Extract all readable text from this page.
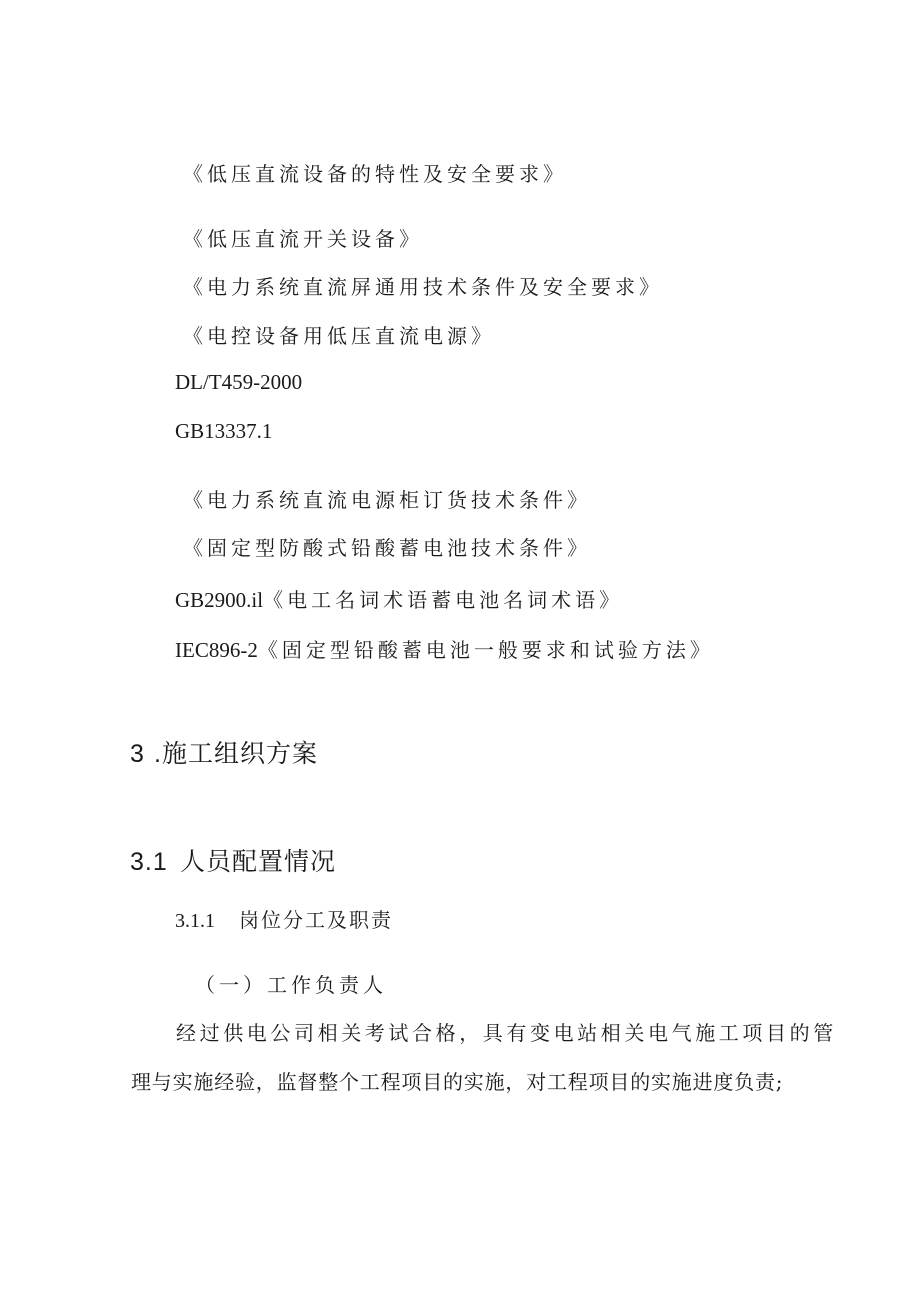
《低压直流设备的特性及安全要求》
《低压直流开关设备》
《电力系统直流屏通用技术条件及安全要求》
《电控设备用低压直流电源》
DL/T459-2000
GB13337.1
《电力系统直流电源柜订货技术条件》
《固定型防酸式铅酸蓄电池技术条件》
GB2900.il《电工名词术语蓄电池名词术语》
IEC896-2《固定型铅酸蓄电池一般要求和试验方法》
3 .施工组织方案
3.1 人员配置情况
3.1.1 岗位分工及职责
（一）工作负责人
经过供电公司相关考试合格，具有变电站相关电气施工项目的管
理与实施经验，监督整个工程项目的实施，对工程项目的实施进度负责;
